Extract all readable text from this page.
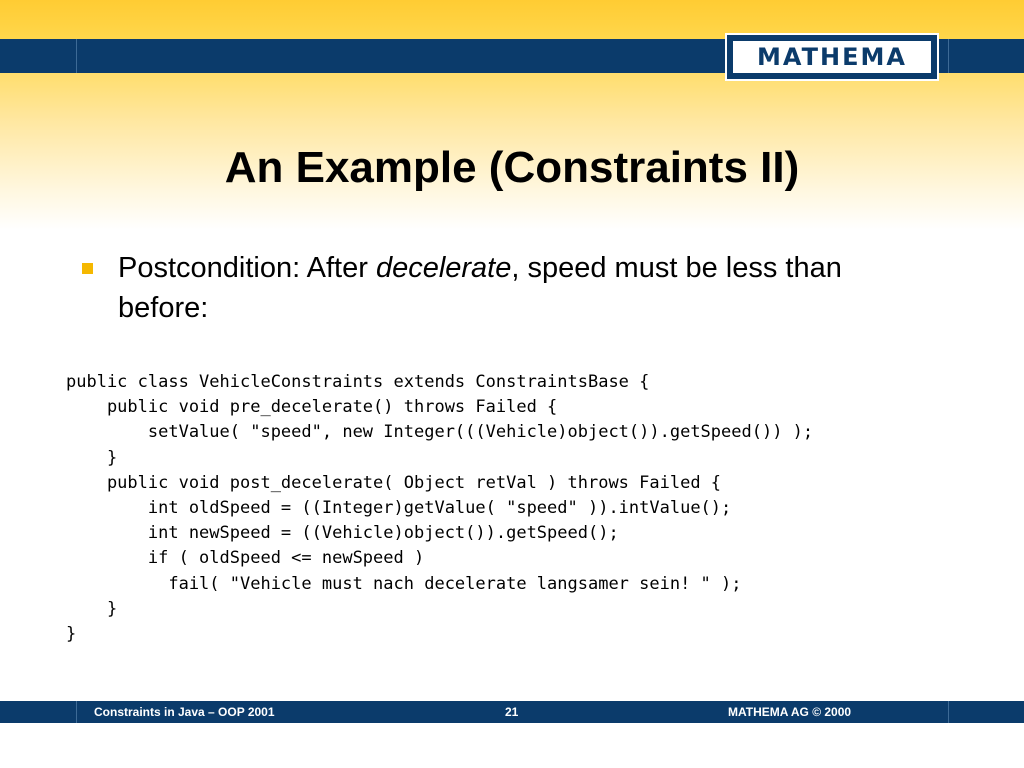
MATHEMA
An Example (Constraints II)
Postcondition: After decelerate, speed must be less than before:
public class VehicleConstraints extends ConstraintsBase {
public void pre_decelerate() throws Failed {
setValue( "speed", new Integer(((Vehicle)object()).getSpeed()) );
}
public void post_decelerate( Object retVal ) throws Failed {
int oldSpeed = ((Integer)getValue( "speed" )).intValue();
int newSpeed = ((Vehicle)object()).getSpeed();
if ( oldSpeed <= newSpeed )
fail( "Vehicle must nach decelerate langsamer sein! " );
}
}
Constraints in Java – OOP 2001	21	MATHEMA AG © 2000
